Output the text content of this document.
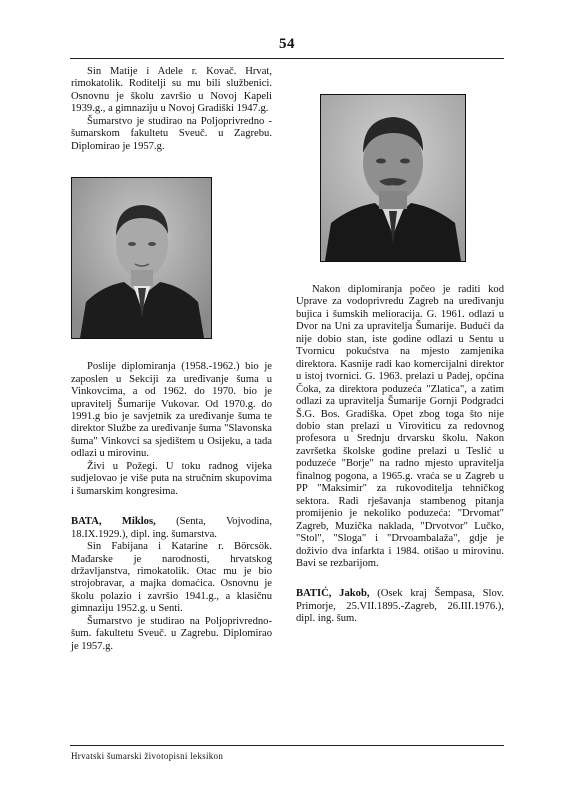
54

Sin Matije i Adele r. Kovač. Hrvat, rimokatolik. Roditelji su mu bili službenici. Osnovnu je školu završio u Novoj Kapeli 1939.g., a gimnaziju u Novoj Gradiški 1947.g.

Šumarstvo je studirao na Poljoprivredno - šumarskom fakultetu Sveuč. u Zagrebu. Diplomirao je 1957.g.

Poslije diplomiranja (1958.-1962.) bio je zaposlen u Sekciji za uređivanje šuma u Vinkovcima, a od 1962. do 1970. bio je upravitelj Šumarije Vukovar. Od 1970.g. do 1991.g bio je savjetnik za uređivanje šuma te direktor Službe za uređivanje šuma "Slavonska šuma" Vinkovci sa sjedištem u Osijeku, a tada odlazi u mirovinu.

Živi u Požegi. U toku radnog vijeka sudjelovao je više puta na stručnim skupovima i šumarskim kongresima.

BATA, Miklos, (Senta, Vojvodina, 18.IX.1929.), dipl. ing. šumarstva.

Sin Fabijana i Katarine r. Börcsök. Mađarske je narodnosti, hrvatskog državljanstva, rimokatolik. Otac mu je bio strojobravar, a majka domaćica. Osnovnu je školu polazio i završio 1941.g., a klasičnu gimnaziju 1952.g. u Senti.

Šumarstvo je studirao na Poljoprivredno-šum. fakultetu Sveuč. u Zagrebu. Diplomirao je 1957.g.

Nakon diplomiranja počeo je raditi kod Uprave za vodoprivredu Zagreb na uređivanju bujica i šumskih melioracija. G. 1961. odlazi u Dvor na Uni za upravitelja Šumarije. Budući da nije dobio stan, iste godine odlazi u Sentu u Tvornicu pokućstva na mjesto zamjenika direktora. Kasnije radi kao komercijalni direktor u istoj tvornici. G. 1963. prelazi u Padej, općina Čoka, za direktora poduzeća "Zlatica", a zatim odlazi za upravitelja Šumarije Gornji Podgradci Š.G. Bos. Gradiška. Opet zbog toga što nije dobio stan prelazi u Viroviticu za redovnog profesora u Srednju drvarsku školu. Nakon završetka školske godine prelazi u Teslić u poduzeće "Borje" na radno mjesto upravitelja finalnog pogona, a 1965.g. vraća se u Zagreb u PP "Maksimir" za rukovoditelja tehničkog sektora. Radi rješavanja stambenog pitanja promijenio je nekoliko poduzeća: "Drvomat" Zagreb, Muzička naklada, "Drvotvor" Lučko, "Stol", "Sloga" i "Drvoambalaža", gdje je doživio dva infarkta i 1984. otišao u mirovinu. Bavi se rezbarijom.

BATIĆ, Jakob, (Osek kraj Šempasa, Slov. Primorje, 25.VII.1895.-Zagreb, 26.III.1976.), dipl. ing. šum.

Hrvatski šumarski životopisni leksikon
